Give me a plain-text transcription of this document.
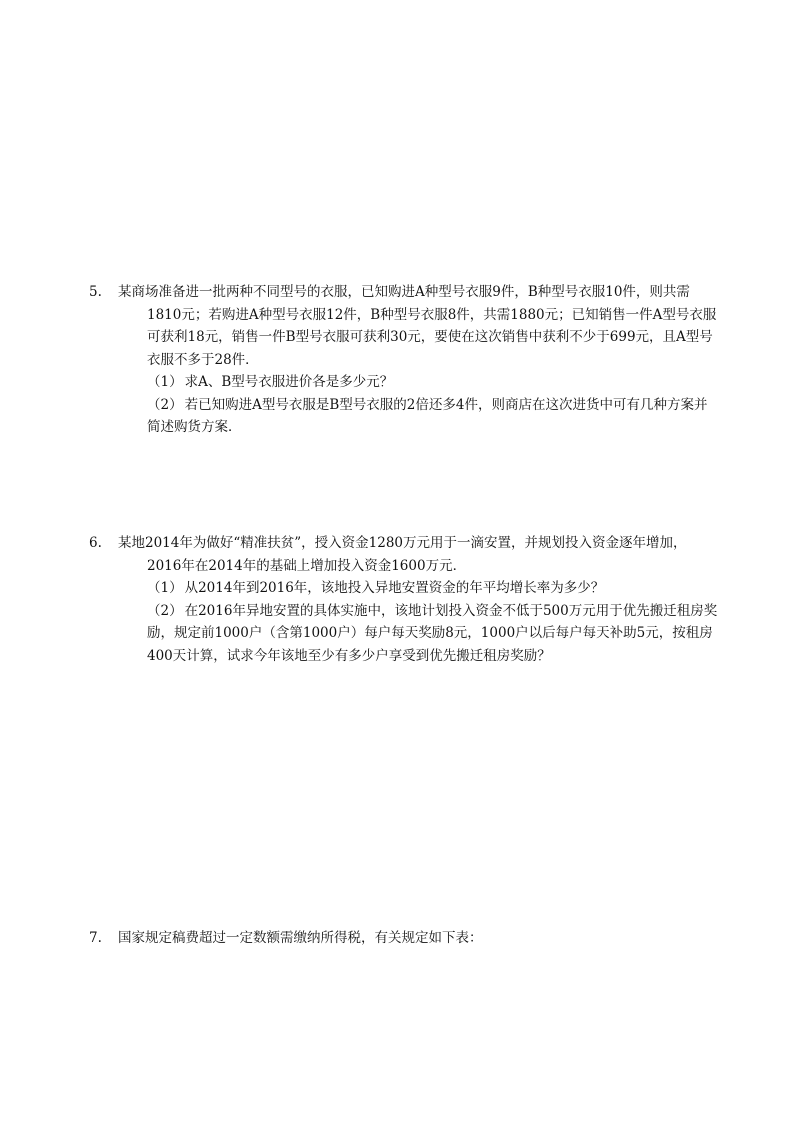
5. 某商场准备进一批两种不同型号的衣服，已知购进A种型号衣服9件，B种型号衣服10件，则共需1810元；若购进A种型号衣服12件，B种型号衣服8件，共需1880元；已知销售一件A型号衣服可获利18元，销售一件B型号衣服可获利30元，要使在这次销售中获利不少于699元，且A型号衣服不多于28件．

（1） 求A、B型号衣服进价各是多少元？

（2） 若已知购进A型号衣服是B型号衣服的2倍还多4件，则商店在这次进货中可有几种方案并简述购货方案．

6. 某地2014年为做好“精准扶贫”，授入资金1280万元用于一滴安置，并规划投入资金逐年增加，2016年在2014年的基础上增加投入资金1600万元．

（1） 从2014年到2016年，该地投入异地安置资金的年平均增长率为多少？

（2） 在2016年异地安置的具体实施中，该地计划投入资金不低于500万元用于优先搬迁租房奖励，规定前1000户（含第1000户）每户每天奖励8元，1000户以后每户每天补助5元，按租房400天计算，试求今年该地至少有多少户享受到优先搬迁租房奖励？

7. 国家规定稿费超过一定数额需缴纳所得税，有关规定如下表：
